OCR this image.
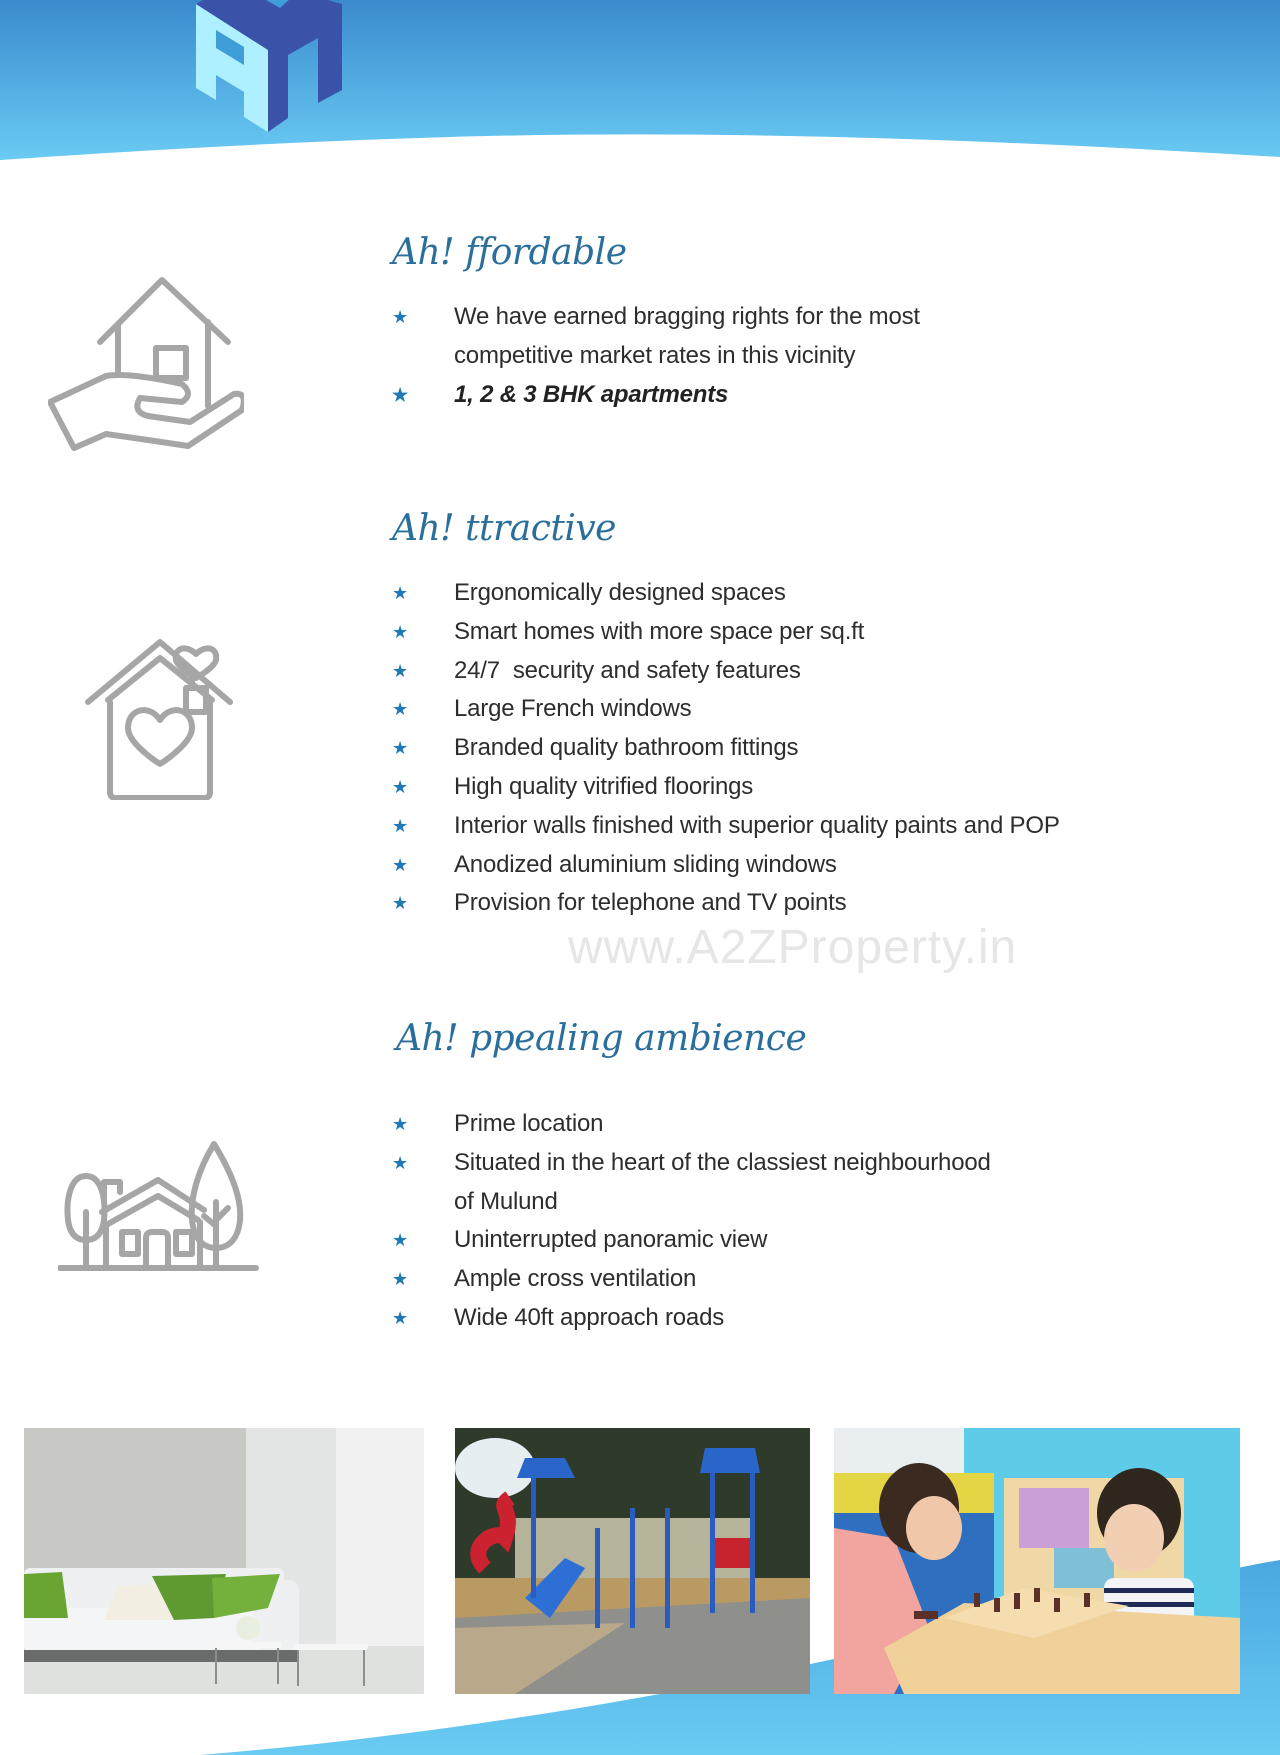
Ah! ffordable
★ We have earned bragging rights for the most
competitive market rates in this vicinity
★ 1, 2 & 3 BHK apartments
Ah! ttractive
★ Ergonomically designed spaces
★ Smart homes with more space per sq.ft
★ 24/7  security and safety features
★ Large French windows
★ Branded quality bathroom fittings
★ High quality vitrified floorings
★ Interior walls finished with superior quality paints and POP
★ Anodized aluminium sliding windows
★ Provision for telephone and TV points
www.A2ZProperty.in
Ah! ppealing ambience
★ Prime location
★ Situated in the heart of the classiest neighbourhood
of Mulund
★ Uninterrupted panoramic view
★ Ample cross ventilation
★ Wide 40ft approach roads
